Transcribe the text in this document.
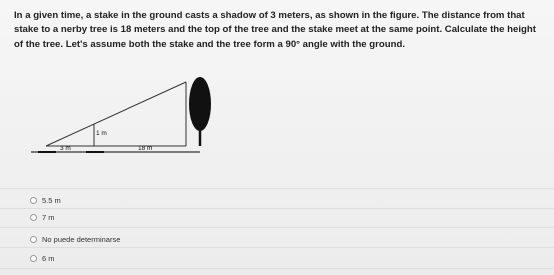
In a given time, a stake in the ground casts a shadow of 3 meters, as shown in the figure. The distance from that stake to a nerby tree is 18 meters and the top of the tree and the stake meet at the same point. Calculate the height of the tree. Let's assume both the stake and the tree form a 90° angle with the ground.
1 m
3 m	18 m
5.5 m
7 m
No puede determinarse
6 m
